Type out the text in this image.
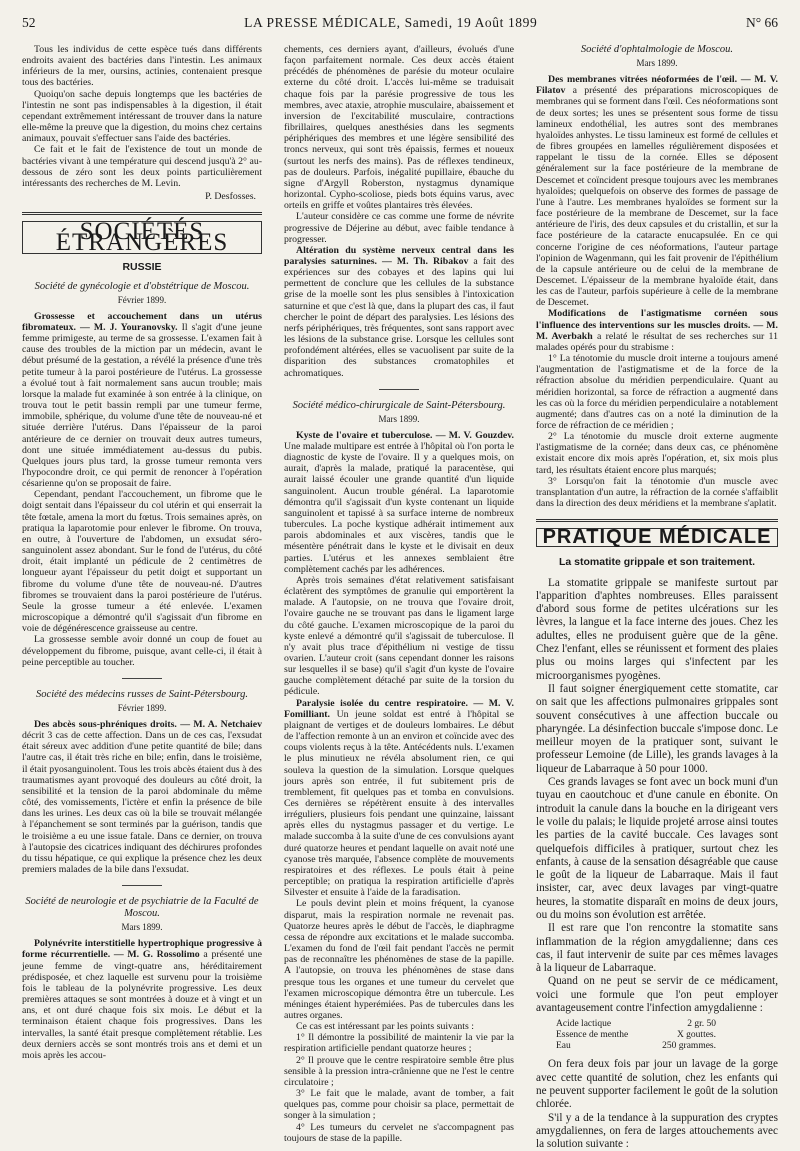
52	LA PRESSE MÉDICALE, Samedi, 19 Août 1899	N° 66

Tous les individus de cette espèce tués dans différents endroits avaient des bactéries dans l'intestin. Les animaux inférieurs de la mer, oursins, actinies, contenaient presque tous des bactéries.

Quoiqu'on sache depuis longtemps que les bactéries de l'intestin ne sont pas indispensables à la digestion, il était cependant extrêmement intéressant de trouver dans la nature elle-même la preuve que la digestion, du moins chez certains animaux, pouvait s'effectuer sans l'aide des bactéries.

Ce fait et le fait de l'existence de tout un monde de bactéries vivant à une température qui descend jusqu'à 2° au-dessous de zéro sont les deux points particulièrement intéressants des recherches de M. Levin.

P. Desfosses.
SOCIÉTÉS ÉTRANGÈRES
RUSSIE
Société de gynécologie et d'obstétrique de Moscou.
Février 1899.

Grossesse et accouchement dans un utérus fibromateux. — M. J. Youranovsky. Il s'agit d'une jeune femme primigeste, au terme de sa grossesse. L'examen fait à cause des troubles de la miction par un médecin, avant le début présumé de la gestation, a révélé la présence d'une très petite tumeur à la paroi postérieure de l'utérus. La grossesse a évolué tout à fait normalement sans aucun trouble; mais lorsque la malade fut examinée à son entrée à la clinique, on trouva tout le petit bassin rempli par une tumeur ferme, immobile, sphérique, du volume d'une tête de nouveau-né et située derrière l'utérus. Dans l'épaisseur de la paroi antérieure de ce dernier on trouvait deux autres tumeurs, dont une située immédiatement au-dessus du pubis. Quelques jours plus tard, la grosse tumeur remonta vers l'hypocondre droit, ce qui permit de renoncer à l'opération césarienne qu'on se proposait de faire.

Cependant, pendant l'accouchement, un fibrome que le doigt sentait dans l'épaisseur du col utérin et qui enserrait la tête fœtale, amena la mort du fœtus. Trois semaines après, on pratiqua la laparotomie pour enlever le fibrome. On trouva, en outre, à l'ouverture de l'abdomen, un exsudat séro-sanguinolent assez abondant. Sur le fond de l'utérus, du côté droit, était implanté un pédicule de 2 centimètres de longueur ayant l'épaisseur du petit doigt et supportant un fibrome du volume d'une tête de nouveau-né. D'autres fibromes se trouvaient dans la paroi postérieure de l'utérus. Seule la grosse tumeur a été enlevée. L'examen microscopique a démontré qu'il s'agissait d'un fibrome en voie de dégénérescence graisseuse au centre.

La grossesse semble avoir donné un coup de fouet au développement du fibrome, puisque, avant celle-ci, il était à peine perceptible au toucher.

Société des médecins russes de Saint-Pétersbourg.
Février 1899.

Des abcès sous-phréniques droits. — M. A. Netchaiev décrit 3 cas de cette affection. Dans un de ces cas, l'exsudat était séreux avec addition d'une petite quantité de bile; dans l'autre cas, il était très riche en bile; enfin, dans le troisième, il était pyosanguinolent. Tous les trois abcès étaient dus à des traumatismes ayant provoqué des douleurs au côté droit, la sensibilité et la tension de la paroi abdominale du même côté, des vomissements, l'ictère et enfin la présence de bile dans les urines. Les deux cas où la bile se trouvait mélangée à l'épanchement se sont terminés par la guérison, tandis que le troisième a eu une issue fatale. Dans ce dernier, on trouva à l'autopsie des cicatrices indiquant des déchirures profondes du tissu hépatique, ce qui explique la présence chez les deux premiers malades de la bile dans l'exsudat.

Société de neurologie et de psychiatrie de la Faculté de Moscou.
Mars 1899.

Polynévrite interstitielle hypertrophique progressive à forme récurrentielle. — M. G. Rossolimo a présenté une jeune femme de vingt-quatre ans, héréditairement prédisposée, et chez laquelle est survenu pour la troisième fois le tableau de la polynévrite progressive. Les deux premières attaques se sont montrées à douze et à vingt et un ans, et ont duré chaque fois six mois. Le début et la terminaison étaient chaque fois progressives. Dans les intervalles, la santé était presque complètement rétablie. Les deux derniers accès se sont montrés trois ans et demi et un mois après les accou-

chements, ces derniers ayant, d'ailleurs, évolués d'une façon parfaitement normale. Ces deux accès étaient précédés de phénomènes de parésie du moteur oculaire externe du côté droit. L'accès lui-même se traduisait chaque fois par la parésie progressive de tous les membres, avec ataxie, atrophie musculaire, abaissement et inversion de l'excitabilité musculaire, contractions fibrillaires, quelques anesthésies dans les segments périphériques des membres et une légère sensibilité des troncs nerveux, qui sont très épaissis, fermes et noueux (surtout les nerfs des mains). Pas de réflexes tendineux, pas de douleurs. Parfois, inégalité pupillaire, ébauche du signe d'Argyll Roberston, nystagmus dynamique horizontal. Cypho-scoliose, pieds bots équins varus, avec orteils en griffe et voûtes plantaires très élevées.

L'auteur considère ce cas comme une forme de névrite progressive de Déjerine au début, avec faible tendance à progresser.

Altération du système nerveux central dans les paralysies saturnines. — M. Th. Ribakov a fait des expériences sur des cobayes et des lapins qui lui permettent de conclure que les cellules de la substance grise de la moelle sont les plus sensibles à l'intoxication saturnine et que c'est là que, dans la plupart des cas, il faut chercher le point de départ des paralysies. Les lésions des nerfs périphériques, très fréquentes, sont sans rapport avec les lésions de la substance grise. Lorsque les cellules sont profondément altérées, elles se vacuolisent par suite de la disparition des substances cromatophiles et achromatiques.

Société médico-chirurgicale de Saint-Pétersbourg.
Mars 1899.

Kyste de l'ovaire et tuberculose. — M. V. Gouzdev. Une malade multipare est entrée à l'hôpital où l'on porta le diagnostic de kyste de l'ovaire. Il y a quelques mois, on aurait, d'après la malade, pratiqué la paracentèse, qui aurait laissé écouler une grande quantité d'un liquide sanguinolent. Aucun trouble général. La laparotomie démontra qu'il s'agissait d'un kyste contenant un liquide sanguinolent et tapissé à sa surface interne de nombreux tubercules. La poche kystique adhérait intimement aux parois abdominales et aux viscères, tandis que le mésentère pénétrait dans le kyste et le divisait en deux parties. L'utérus et les annexes semblaient être complètement cachés par les adhérences.

Après trois semaines d'état relativement satisfaisant éclatèrent des symptômes de granulie qui emportèrent la malade. A l'autopsie, on ne trouva que l'ovaire droit, l'ovaire gauche ne se trouvant pas dans le ligament large du côté gauche. L'examen microscopique de la paroi du kyste enlevé a démontré qu'il s'agissait de tuberculose. Il n'y avait plus trace d'épithélium ni vestige de tissu ovarien. L'auteur croit (sans cependant donner les raisons sur lesquelles il se base) qu'il s'agit d'un kyste de l'ovaire gauche complètement détaché par suite de la torsion du pédicule.

Paralysie isolée du centre respiratoire. — M. V. Fomilliant. Un jeune soldat est entré à l'hôpital se plaignant de vertiges et de douleurs lombaires. Le début de l'affection remonte à un an environ et coïncide avec des coups violents reçus à la tête. Antécédents nuls. L'examen le plus minutieux ne révéla absolument rien, ce qui souleva la question de la simulation. Lorsque quelques jours après son entrée, il fut subitement pris de tremblement, fit quelques pas et tomba en convulsions. Ces dernières se répétèrent ensuite à des intervalles irréguliers, plusieurs fois pendant une quinzaine, laissant après elles du nystagmus passager et du vertige. Le malade succomba à la suite d'une de ces convulsions ayant duré quatorze heures et pendant laquelle on avait noté une cyanose très marquée, l'absence complète de mouvements respiratoires et des réflexes. Le pouls était à peine perceptible; on pratiqua la respiration artificielle d'après Silvester et ensuite à l'aide de la faradisation.

Le pouls devint plein et moins fréquent, la cyanose disparut, mais la respiration normale ne revenait pas. Quatorze heures après le début de l'accès, le diaphragme cessa de répondre aux excitations et le malade succomba. L'examen du fond de l'œil fait pendant l'accès ne permit pas de reconnaître les phénomènes de stase de la papille. A l'autopsie, on trouva les phénomènes de stase dans presque tous les organes et une tumeur du cervelet que l'examen microscopique démontra être un tubercule. Les méninges étaient hyperémiées. Pas de tubercules dans les autres organes.

Ce cas est intéressant par les points suivants :

1° Il démontre la possibilité de maintenir la vie par la respiration artificielle pendant quatorze heures ;

2° Il prouve que le centre respiratoire semble être plus sensible à la pression intra-crânienne que ne l'est le centre circulatoire ;

3° Le fait que le malade, avant de tomber, a fait quelques pas, comme pour choisir sa place, permettait de songer à la simulation ;

4° Les tumeurs du cervelet ne s'accompagnent pas toujours de stase de la papille.

Société d'ophtalmologie de Moscou.
Mars 1899.

Des membranes vitrées néoformées de l'œil. — M. V. Filatov a présenté des préparations microscopiques de membranes qui se forment dans l'œil. Ces néoformations sont de deux sortes; les unes se présentent sous forme de tissu lamineux endothélial, les autres sont des membranes hyaloïdes anhystes. Le tissu lamineux est formé de cellules et de fibres groupées en lamelles régulièrement disposées et rappelant le tissu de la cornée. Elles se déposent généralement sur la face postérieure de la membrane de Descemet et coïncident presque toujours avec les membranes hyaloïdes; quelquefois on observe des formes de passage de l'une à l'autre. Les membranes hyaloïdes se forment sur la face postérieure de la membrane de Descemet, sur la face antérieure de l'iris, des deux capsules et du cristallin, et sur la face postérieure de la cataracte enucapsulée. En ce qui concerne l'origine de ces néoformations, l'auteur partage l'opinion de Wagenmann, qui les fait provenir de l'épithélium de la capsule antérieure ou de celui de la membrane de Descemet. L'épaisseur de la membrane hyaloïde était, dans les cas de l'auteur, parfois supérieure à celle de la membrane de Descemet.

Modifications de l'astigmatisme cornéen sous l'influence des interventions sur les muscles droits. — M. M. Averbakh a relaté le résultat de ses recherches sur 11 malades opérés pour du strabisme :

1° La ténotomie du muscle droit interne a toujours amené l'augmentation de l'astigmatisme et de la force de la réfraction absolue du méridien perpendiculaire. Quant au méridien horizontal, sa force de réfraction a augmenté dans les cas où la force du méridien perpendiculaire a notablement augmenté; dans d'autres cas on a noté la diminution de la force de réfraction de ce méridien ;

2° La ténotomie du muscle droit externe augmente l'astigmatisme de la cornée; dans deux cas, ce phénomène existait encore dix mois après l'opération, et, six mois plus tard, les résultats étaient encore plus marqués;

3° Lorsqu'on fait la ténotomie d'un muscle avec transplantation d'un autre, la réfraction de la cornée s'affaiblit dans la direction des deux méridiens et la membrane s'aplatit.

PRATIQUE MÉDICALE
La stomatite grippale et son traitement.

La stomatite grippale se manifeste surtout par l'apparition d'aphtes nombreuses. Elles paraissent d'abord sous forme de petites ulcérations sur les lèvres, la langue et la face interne des joues. Chez les adultes, elles ne produisent guère que de la gêne. Chez l'enfant, elles se réunissent et forment des plaies plus ou moins larges qui s'infectent par les microorganismes pyogènes.

Il faut soigner énergiquement cette stomatite, car on sait que les affections pulmonaires grippales sont souvent consécutives à une affection buccale ou pharyngée. La désinfection buccale s'impose donc. Le meilleur moyen de la pratiquer sont, suivant le professeur Lemoine (de Lille), les grands lavages à la liqueur de Labarraque à 50 pour 1000.

Ces grands lavages se font avec un bock muni d'un tuyau en caoutchouc et d'une canule en ébonite. On introduit la canule dans la bouche en la dirigeant vers le voile du palais; le liquide projeté arrose ainsi toutes les parties de la cavité buccale. Ces lavages sont quelquefois difficiles à pratiquer, surtout chez les enfants, à cause de la sensation désagréable que cause le goût de la liqueur de Labarraque. Mais il faut insister, car, avec deux lavages par vingt-quatre heures, la stomatite disparaît en moins de deux jours, ou du moins son évolution est arrêtée.

Il est rare que l'on rencontre la stomatite sans inflammation de la région amygdalienne; dans ces cas, il faut intervenir de suite par ces mêmes lavages à la liqueur de Labarraque.

Quand on ne peut se servir de ce médicament, voici une formule que l'on peut employer avantageusement contre l'infection amygdalienne :

Acide lactique	2 gr. 50
Essence de menthe	X gouttes.
Eau	250 grammes.

On fera deux fois par jour un lavage de la gorge avec cette quantité de solution, chez les enfants qui ne peuvent supporter facilement le goût de la solution chlorée.

S'il y a de la tendance à la suppuration des cryptes amygdaliennes, on fera de larges attouchements avec la solution suivante :
